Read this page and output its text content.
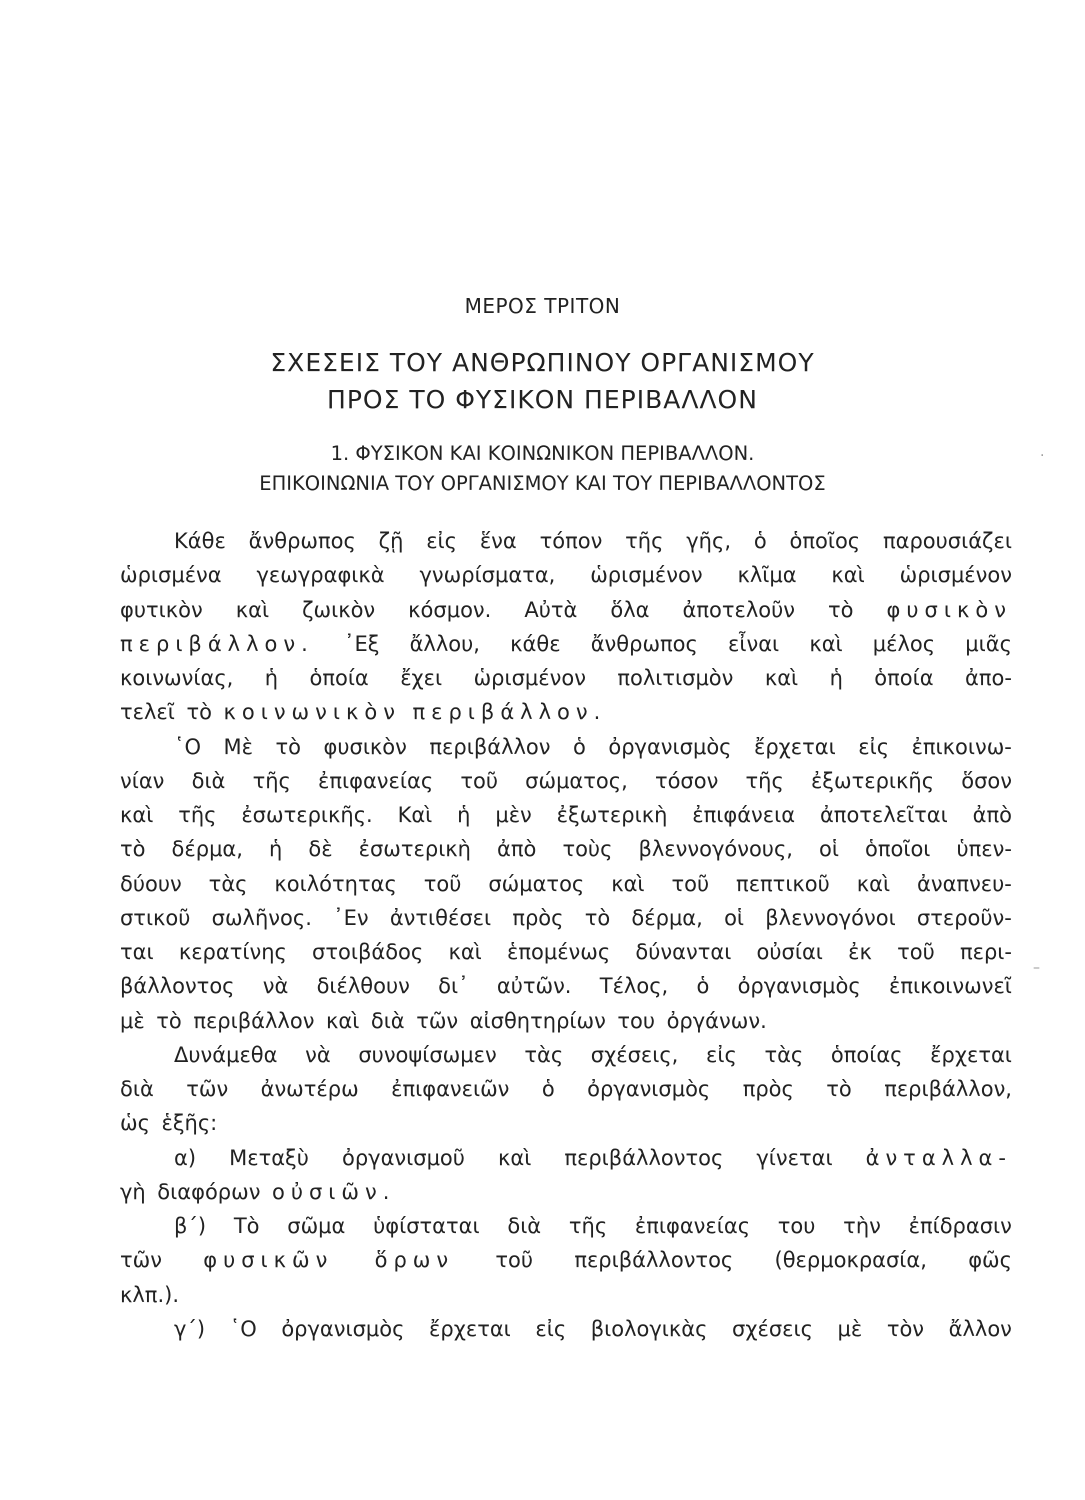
ΜΕΡΟΣ ΤΡΙΤΟΝ
ΣΧΕΣΕΙΣ ΤΟΥ ΑΝΘΡΩΠΙΝΟΥ ΟΡΓΑΝΙΣΜΟΥ
ΠΡΟΣ ΤΟ ΦΥΣΙΚΟΝ ΠΕΡΙΒΑΛΛΟΝ
1. ΦΥΣΙΚΟΝ ΚΑΙ ΚΟΙΝΩΝΙΚΟΝ ΠΕΡΙΒΑΛΛΟΝ.
ΕΠΙΚΟΙΝΩΝΙΑ ΤΟΥ ΟΡΓΑΝΙΣΜΟΥ ΚΑΙ ΤΟΥ ΠΕΡΙΒΑΛΛΟΝΤΟΣ
Κάθε ἄνθρωπος ζῇ εἰς ἕνα τόπον τῆς γῆς, ὁ ὁποῖος παρουσιάζει
ὡρισμένα γεωγραφικὰ γνωρίσματα, ὡρισμένον κλῖμα καὶ ὡρισμένον
φυτικὸν καὶ ζωικὸν κόσμον. Αὐτὰ ὅλα ἀποτελοῦν τὸ φυσικὸν
περιβάλλον. ᾿Εξ ἄλλου, κάθε ἄνθρωπος εἶναι καὶ μέλος μιᾶς
κοινωνίας, ἡ ὁποία ἔχει ὡρισμένον πολιτισμὸν καὶ ἡ ὁποία ἀπο-
τελεῖ τὸ κοινωνικὸν περιβάλλον.
῾Ο Μὲ τὸ φυσικὸν περιβάλλον ὁ ὀργανισμὸς ἔρχεται εἰς ἐπικοινω-
νίαν διὰ τῆς ἐπιφανείας τοῦ σώματος, τόσον τῆς ἐξωτερικῆς ὅσον
καὶ τῆς ἐσωτερικῆς. Καὶ ἡ μὲν ἐξωτερικὴ ἐπιφάνεια ἀποτελεῖται ἀπὸ
τὸ δέρμα, ἡ δὲ ἐσωτερικὴ ἀπὸ τοὺς βλεννογόνους, οἱ ὁποῖοι ὑπεν-
δύουν τὰς κοιλότητας τοῦ σώματος καὶ τοῦ πεπτικοῦ καὶ ἀναπνευ-
στικοῦ σωλῆνος. ᾿Εν ἀντιθέσει πρὸς τὸ δέρμα, οἱ βλεννογόνοι στεροῦν-
ται κερατίνης στοιβάδος καὶ ἑπομένως δύνανται οὐσίαι ἐκ τοῦ περι-
βάλλοντος νὰ διέλθουν δι᾿ αὐτῶν. Τέλος, ὁ ὀργανισμὸς ἐπικοινωνεῖ
μὲ τὸ περιβάλλον καὶ διὰ τῶν αἰσθητηρίων του ὀργάνων.
Δυνάμεθα νὰ συνοψίσωμεν τὰς σχέσεις, εἰς τὰς ὁποίας ἔρχεται
διὰ τῶν ἀνωτέρω ἐπιφανειῶν ὁ ὀργανισμὸς πρὸς τὸ περιβάλλον,
ὡς ἑξῆς:
α) Μεταξὺ ὀργανισμοῦ καὶ περιβάλλοντος γίνεται ἀνταλλα-
γὴ διαφόρων οὐσιῶν.
β΄) Τὸ σῶμα ὑφίσταται διὰ τῆς ἐπιφανείας του τὴν ἐπίδρασιν
τῶν φυσικῶν ὅρων τοῦ περιβάλλοντος (θερμοκρασία, φῶς
κλπ.).
γ΄) ῾Ο ὀργανισμὸς ἔρχεται εἰς βιολογικὰς σχέσεις μὲ τὸν ἄλλον
·
–
